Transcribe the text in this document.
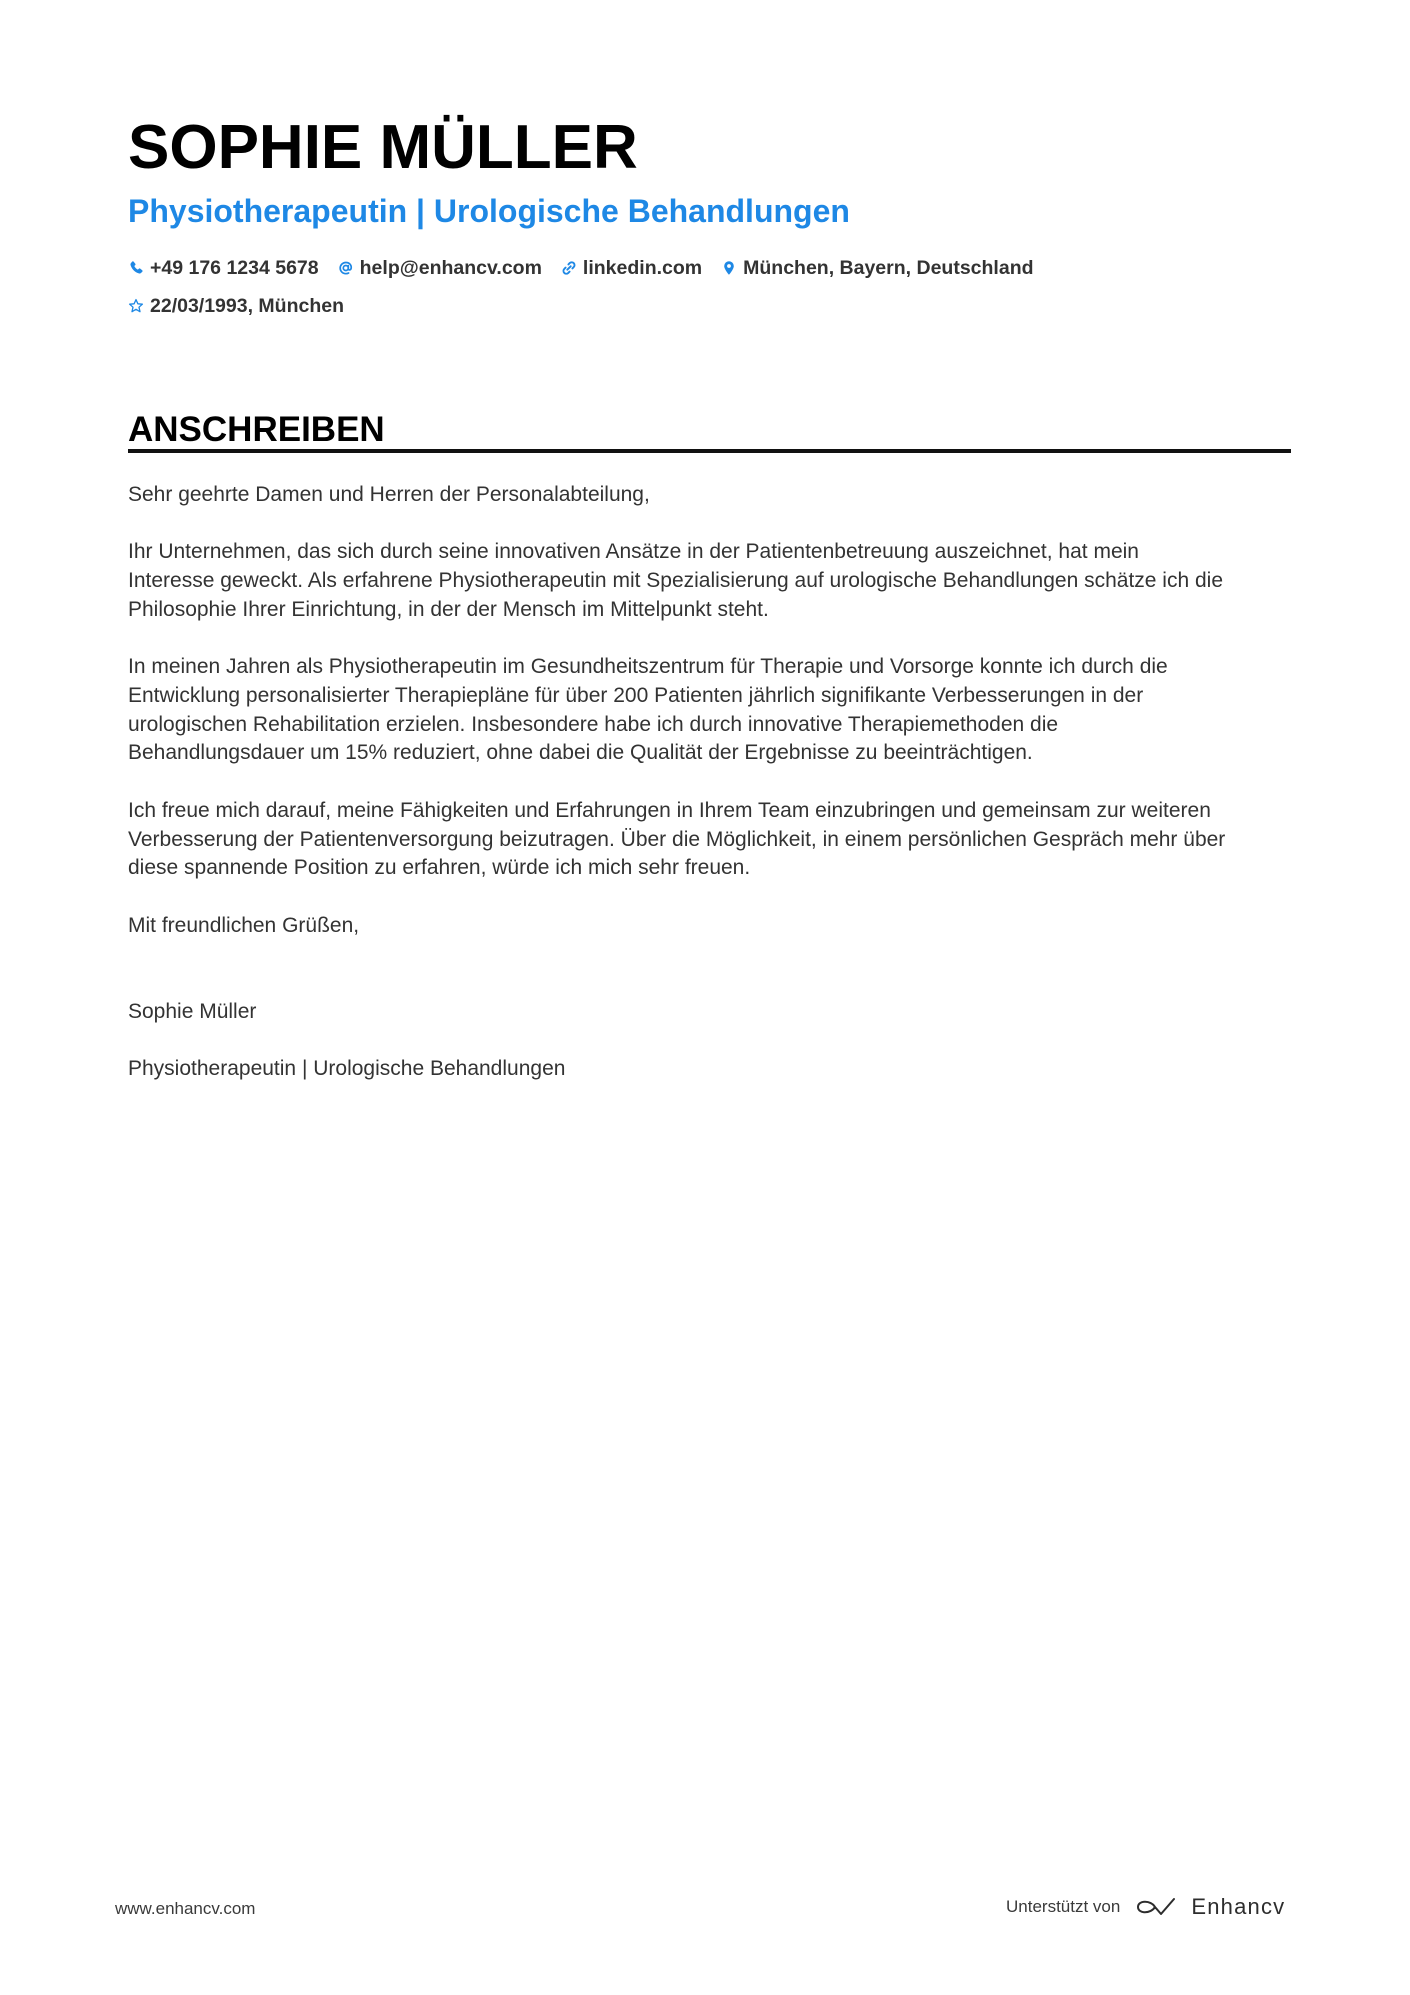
SOPHIE MÜLLER
Physiotherapeutin | Urologische Behandlungen
+49 176 1234 5678 help@enhancv.com linkedin.com München, Bayern, Deutschland
22/03/1993, München
ANSCHREIBEN

Sehr geehrte Damen und Herren der Personalabteilung,

Ihr Unternehmen, das sich durch seine innovativen Ansätze in der Patientenbetreuung auszeichnet, hat mein
Interesse geweckt. Als erfahrene Physiotherapeutin mit Spezialisierung auf urologische Behandlungen schätze ich die
Philosophie Ihrer Einrichtung, in der der Mensch im Mittelpunkt steht.

In meinen Jahren als Physiotherapeutin im Gesundheitszentrum für Therapie und Vorsorge konnte ich durch die
Entwicklung personalisierter Therapiepläne für über 200 Patienten jährlich signifikante Verbesserungen in der
urologischen Rehabilitation erzielen. Insbesondere habe ich durch innovative Therapiemethoden die
Behandlungsdauer um 15% reduziert, ohne dabei die Qualität der Ergebnisse zu beeinträchtigen.

Ich freue mich darauf, meine Fähigkeiten und Erfahrungen in Ihrem Team einzubringen und gemeinsam zur weiteren
Verbesserung der Patientenversorgung beizutragen. Über die Möglichkeit, in einem persönlichen Gespräch mehr über
diese spannende Position zu erfahren, würde ich mich sehr freuen.

Mit freundlichen Grüßen,

Sophie Müller

Physiotherapeutin | Urologische Behandlungen

www.enhancv.com	Unterstützt von	Enhancv
